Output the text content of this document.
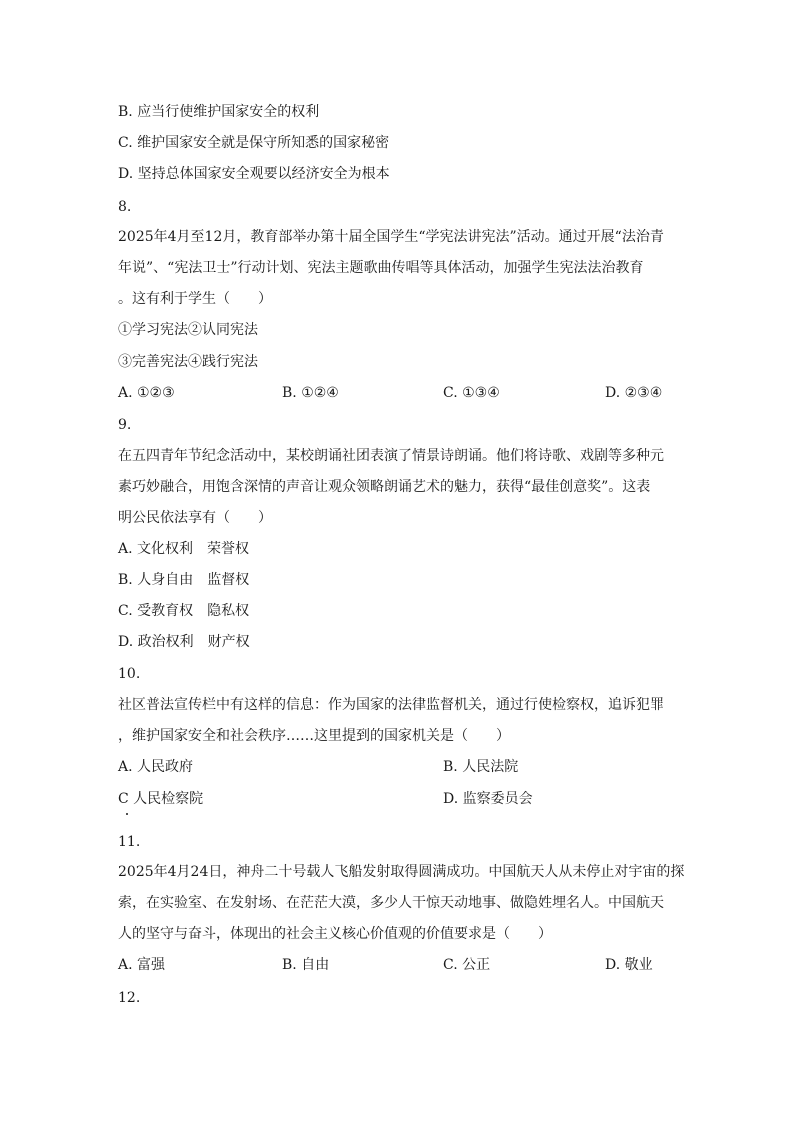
B. 应当行使维护国家安全的权利
C. 维护国家安全就是保守所知悉的国家秘密
D. 坚持总体国家安全观要以经济安全为根本
8.
2025年4月至12月，教育部举办第十届全国学生“学宪法讲宪法”活动。通过开展“法治青
年说”、“宪法卫士”行动计划、宪法主题歌曲传唱等具体活动，加强学生宪法法治教育
。这有利于学生（　　）
①学习宪法②认同宪法
③完善宪法④践行宪法
A. ①②③	B. ①②④	C. ①③④	D. ②③④
9.
在五四青年节纪念活动中，某校朗诵社团表演了情景诗朗诵。他们将诗歌、戏剧等多种元
素巧妙融合，用饱含深情的声音让观众领略朗诵艺术的魅力，获得“最佳创意奖”。这表
明公民依法享有（　　）
A. 文化权利　荣誉权
B. 人身自由　监督权
C. 受教育权　隐私权
D. 政治权利　财产权
10.
社区普法宣传栏中有这样的信息：作为国家的法律监督机关，通过行使检察权，追诉犯罪
，维护国家安全和社会秩序……这里提到的国家机关是（　　）
A. 人民政府	B. 人民法院
C 人民检察院	D. 监察委员会
11.
2025年4月24日，神舟二十号载人飞船发射取得圆满成功。中国航天人从未停止对宇宙的探
索，在实验室、在发射场、在茫茫大漠，多少人干惊天动地事、做隐姓埋名人。中国航天
人的坚守与奋斗，体现出的社会主义核心价值观的价值要求是（　　）
A. 富强	B. 自由	C. 公正	D. 敬业
12.
